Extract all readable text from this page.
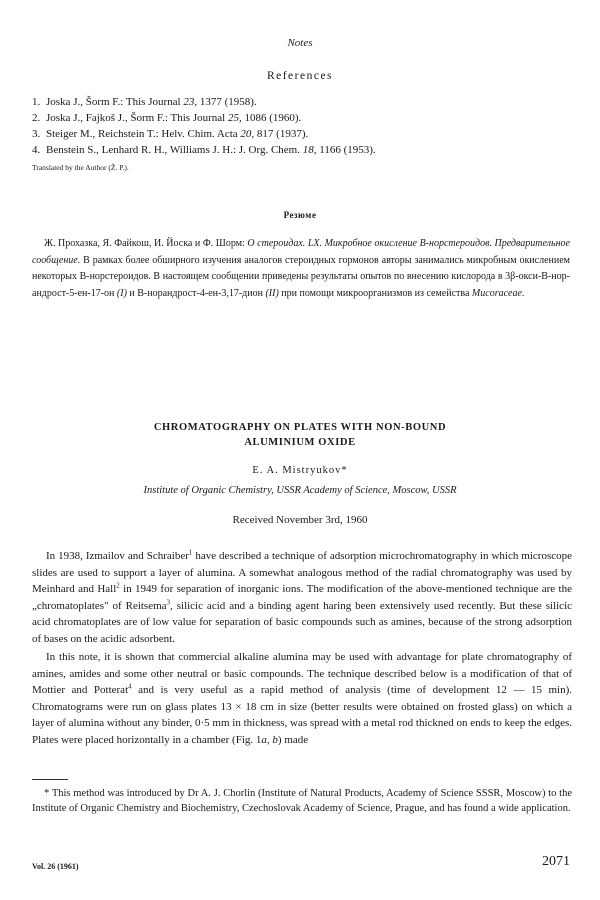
Notes
References
1. Joska J., Šorm F.: This Journal 23, 1377 (1958).
2. Joska J., Fajkoš J., Šorm F.: This Journal 25, 1086 (1960).
3. Steiger M., Reichstein T.: Helv. Chim. Acta 20, 817 (1937).
4. Benstein S., Lenhard R. H., Williams J. H.: J. Org. Chem. 18, 1166 (1953).
Translated by the Author (Ž. P.).
Резюме
Ж. Прохазка, Я. Файкош, И. Йоска и Ф. Шорм: О стероидах. LX. Микробное окисление В-норстероидов. Предварительное сообщение. В рамках более обширного изучения аналогов стероидных гормонов авторы занимались микробным окислением некоторых В-норстероидов. В настоящем сообщении приведены результаты опытов по внесению кислорода в 3β-окси-В-норандрост-5-ен-17-он (I) и В-норандрост-4-ен-3,17-дион (II) при помощи микроорганизмов из семейства Mucoraceae.
CHROMATOGRAPHY ON PLATES WITH NON-BOUND
ALUMINIUM OXIDE
E. A. Mistryukov*
Institute of Organic Chemistry, USSR Academy of Science, Moscow, USSR
Received November 3rd, 1960

In 1938, Izmailov and Schraiber$^1$ have described a technique of adsorption microchromatography in which microscope slides are used to support a layer of alumina. A somewhat analogous method of the radial chromatography was used by Meinhard and Hall$^2$ in 1949 for separation of inorganic ions. The modification of the above-mentioned technique are the „chromatoplates" of Reitsema$^3$, silicic acid and a binding agent haring been extensively used recently. But these silicic acid chromatoplates are of low value for separation of basic compounds such as amines, because of the strong adsorption of bases on the acidic adsorbent.

In this note, it is shown that commercial alkaline alumina may be used with advantage for plate chromatography of amines, amides and some other neutral or basic compounds. The technique described below is a modification of that of Mottier and Potterat$^4$ and is very useful as a rapid method of analysis (time of development 12 — 15 min). Chromatograms were run on glass plates 13 × 18 cm in size (better results were obtained on frosted glass) on which a layer of alumina without any binder, 0·5 mm in thickness, was spread with a metal rod thickned on ends to keep the edges. Plates were placed horizontally in a chamber (Fig. 1a, b) made

* This method was introduced by Dr A. J. Chorlin (Institute of Natural Products, Academy of Science SSSR, Moscow) to the Institute of Organic Chemistry and Biochemistry, Czechoslovak Academy of Science, Prague, and has found a wide application.
Vol. 26 (1961)	2071
